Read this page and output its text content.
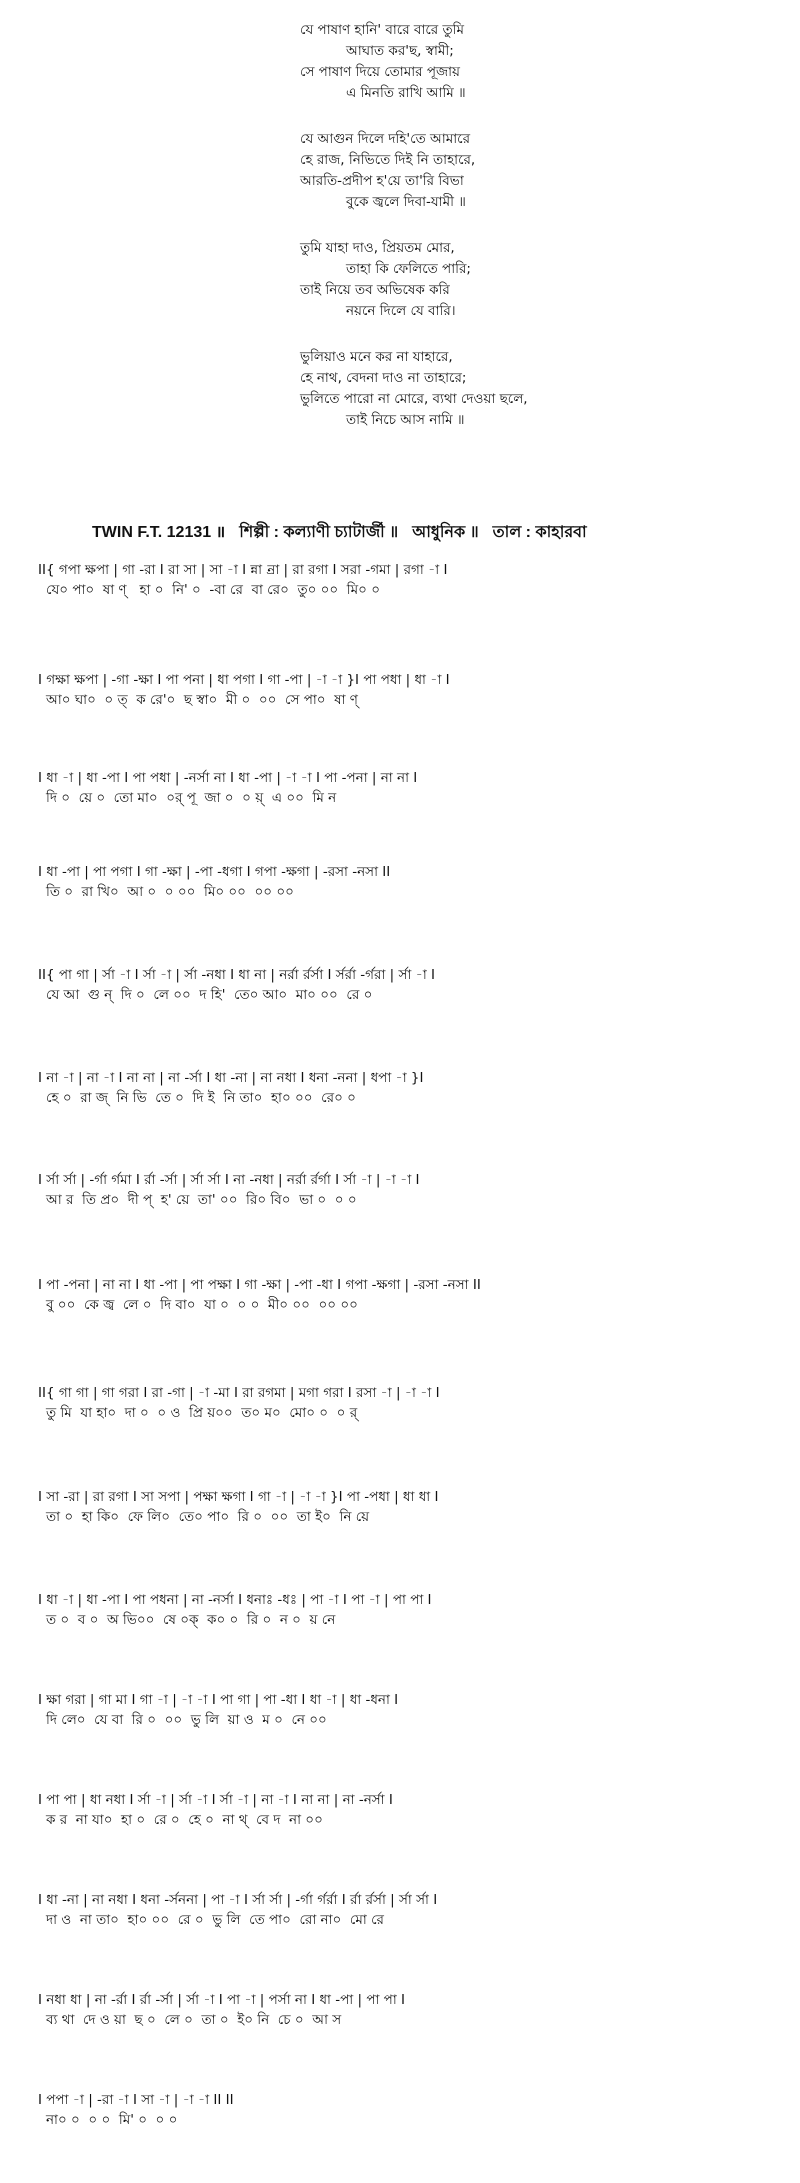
যে পাষাণ হানি' বারে বারে তুমি
আঘাত কর'ছ, স্বামী;
সে পাষাণ দিয়ে তোমার পূজায়
এ মিনতি রাখি আমি ॥
যে আগুন দিলে দহি'তে আমারে
হে রাজ, নিভিতে দিই নি তাহারে,
আরতি-প্রদীপ হ'য়ে তা'রি বিভা
বুকে জ্বলে দিবা-যামী ॥
তুমি যাহা দাও, প্রিয়তম মোর,
তাহা কি ফেলিতে পারি;
তাই নিয়ে তব অভিষেক করি
নয়নে দিলে যে বারি।
ভুলিয়াও মনে কর না যাহারে,
হে নাথ, বেদনা দাও না তাহারে;
ভুলিতে পারো না মোরে, ব্যথা দেওয়া ছলে,
তাই নিচে আস নামি ॥
TWIN F.T. 12131 ॥ শিল্পী : কল্যাণী চ্যাটার্জী ॥ আধুনিক ॥ তাল : কাহারবা
II{ গপা ক্ষপা | গা -রা I রা সা | সা -া I ন্না ন্রা | রা রগা I সরা -গমা | রগা -া I
যে০ পা০  ষা ণ্   হা ০  নি' ০  -বা রে  বা রে০  তু০ ০০  মি০ ০
I গক্ষা ক্ষপা | -গা -ক্ষা I পা পনা | ধা পগা I গা -পা | -া -া }I পা পধা | ধা -া I
আ০ ঘা০  ০ ত্  ক রে'০  ছ স্বা০  মী ০  ০০  সে পা০  ষা ণ্
I ধা -া | ধা -পা I পা পধা | -নর্সা না I ধা -পা | -া -া I পা -পনা | না না I
দি ০  য়ে ০  তো মা০  ০র্ পূ  জা ০  ০ য়্  এ ০০  মি ন
I ধা -পা | পা পগা I গা -ক্ষা | -পা -ধগা I গপা -ক্ষগা | -রসা -নসা II
তি ০  রা খি০  আ ০  ০ ০০  মি০ ০০  ০০ ০০
II{ পা গা | র্সা -া I র্সা -া | র্সা -নধা I ধা না | নর্রা র্রর্সা I র্সর্রা -র্গরা | র্সা -া I
যে আ  গু ন্  দি ০  লে ০০  দ হি'  তে০ আ০  মা০ ০০  রে ০
I না -া | না -া I না না | না -র্সা I ধা -না | না নধা I ধনা -ননা | ধপা -া }I
হে ০  রা জ্  নি ভি  তে ০  দি ই  নি তা০  হা০ ০০  রে০ ০
I র্সা র্সা | -র্গা র্গমা I র্রা -র্সা | র্সা র্সা I না -নধা | নর্রা র্রর্গা I র্সা -া | -া -া I
আ র  তি প্র০  দী প্  হ' য়ে  তা' ০০  রি০ বি০  ভা ০  ০ ০
I পা -পনা | না না I ধা -পা | পা পক্ষা I গা -ক্ষা | -পা -ধা I গপা -ক্ষগা | -রসা -নসা II
বু ০০  কে জ্ব  লে ০  দি বা০  যা ০  ০ ০  মী০ ০০  ০০ ০০
II{ গা গা | গা গরা I রা -গা | -া -মা I রা রগমা | মগা গরা I রসা -া | -া -া I
তু মি  যা হা০  দা ০  ০ ও  প্রি য়০০  ত০ ম০  মো০ ০  ০ র্
I সা -রা | রা রগা I সা সপা | পক্ষা ক্ষগা I গা -া | -া -া }I পা -পধা | ধা ধা I
তা ০  হা কি০  ফে লি০  তে০ পা০  রি ০  ০০  তা ই০  নি য়ে
I ধা -া | ধা -পা I পা পধনা | না -নর্সা I ধনাঃ -ধঃ | পা -া I পা -া | পা পা I
ত ০  ব ০  অ ভি০০  ষে ০ক্  ক০ ০  রি ০  ন ০  য় নে
I ক্ষা গরা | গা মা I গা -া | -া -া I পা গা | পা -ধা I ধা -া | ধা -ধনা I
দি লে০  যে বা  রি ০  ০০  ভু লি  য়া ও  ম ০  নে ০০
I পা পা | ধা নধা I র্সা -া | র্সা -া I র্সা -া | না -া I না না | না -নর্সা I
ক র  না যা০  হা ০  রে ০  হে ০  না থ্  বে দ  না ০০
I ধা -না | না নধা I ধনা -র্সননা | পা -া I র্সা র্সা | -র্গা র্গর্রা I র্রা র্রর্সা | র্সা র্সা I
দা ও  না তা০  হা০ ০০  রে ০  ভু লি  তে পা০  রো না০  মো রে
I নধা ধা | না -র্রা I র্রা -র্সা | র্সা -া I পা -া | পর্সা না I ধা -পা | পা পা I
ব্য থা  দে ও য়া  ছ ০  লে ০  তা ০  ই০ নি  চে ০  আ স
I পপা -া | -রা -া I সা -া | -া -া II II
না০ ০  ০ ০  মি' ০  ০ ০
